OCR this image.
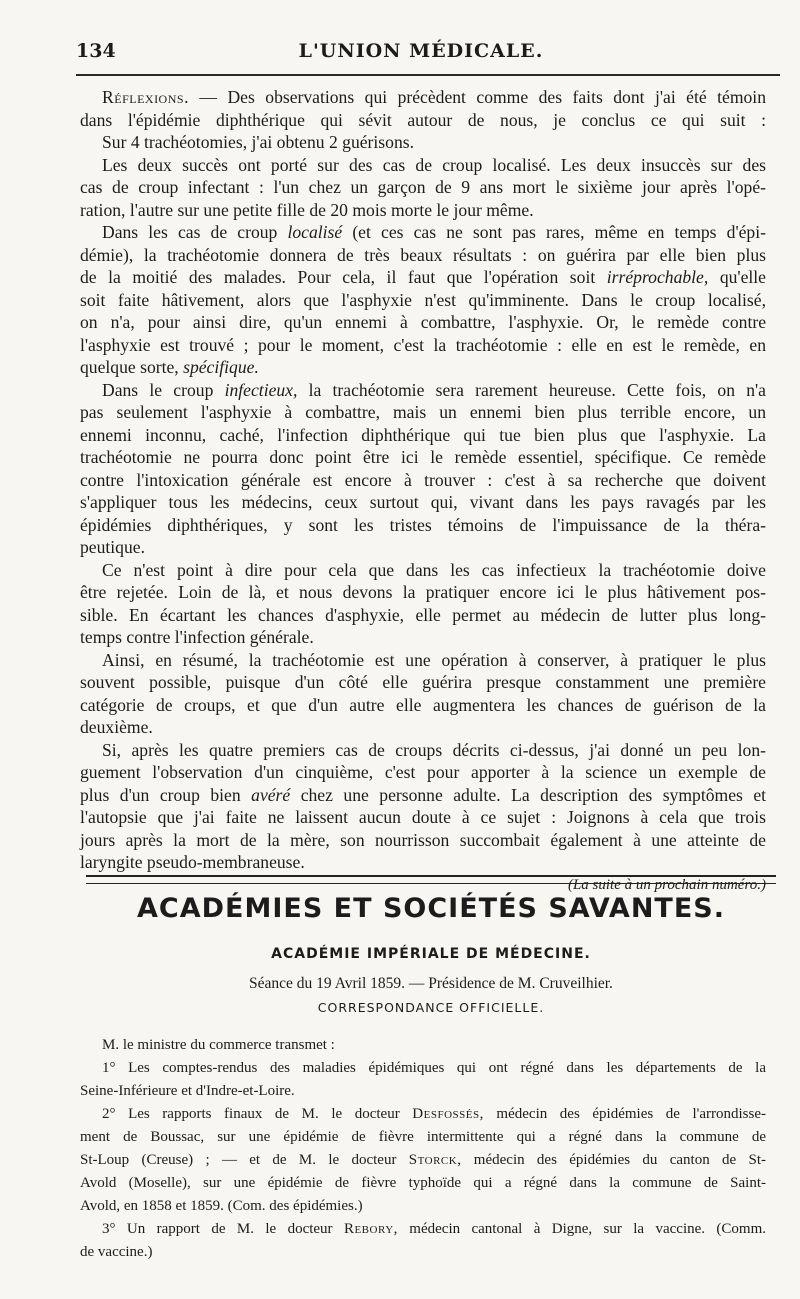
134	L'UNION MÉDICALE.
Réflexions. — Des observations qui précèdent comme des faits dont j'ai été témoin
dans l'épidémie diphthérique qui sévit autour de nous, je conclus ce qui suit :
Sur 4 trachéotomies, j'ai obtenu 2 guérisons.
Les deux succès ont porté sur des cas de croup localisé. Les deux insuccès sur des
cas de croup infectant : l'un chez un garçon de 9 ans mort le sixième jour après l'opé-
ration, l'autre sur une petite fille de 20 mois morte le jour même.
Dans les cas de croup localisé (et ces cas ne sont pas rares, même en temps d'épi-
démie), la trachéotomie donnera de très beaux résultats : on guérira par elle bien plus
de la moitié des malades. Pour cela, il faut que l'opération soit irréprochable, qu'elle
soit faite hâtivement, alors que l'asphyxie n'est qu'imminente. Dans le croup localisé,
on n'a, pour ainsi dire, qu'un ennemi à combattre, l'asphyxie. Or, le remède contre
l'asphyxie est trouvé ; pour le moment, c'est la trachéotomie : elle en est le remède, en
quelque sorte, spécifique.
Dans le croup infectieux, la trachéotomie sera rarement heureuse. Cette fois, on n'a
pas seulement l'asphyxie à combattre, mais un ennemi bien plus terrible encore, un
ennemi inconnu, caché, l'infection diphthérique qui tue bien plus que l'asphyxie. La
trachéotomie ne pourra donc point être ici le remède essentiel, spécifique. Ce remède
contre l'intoxication générale est encore à trouver : c'est à sa recherche que doivent
s'appliquer tous les médecins, ceux surtout qui, vivant dans les pays ravagés par les
épidémies diphthériques, y sont les tristes témoins de l'impuissance de la théra-
peutique.
Ce n'est point à dire pour cela que dans les cas infectieux la trachéotomie doive
être rejetée. Loin de là, et nous devons la pratiquer encore ici le plus hâtivement pos-
sible. En écartant les chances d'asphyxie, elle permet au médecin de lutter plus long-
temps contre l'infection générale.
Ainsi, en résumé, la trachéotomie est une opération à conserver, à pratiquer le plus
souvent possible, puisque d'un côté elle guérira presque constamment une première
catégorie de croups, et que d'un autre elle augmentera les chances de guérison de la
deuxième.
Si, après les quatre premiers cas de croups décrits ci-dessus, j'ai donné un peu lon-
guement l'observation d'un cinquième, c'est pour apporter à la science un exemple de
plus d'un croup bien avéré chez une personne adulte. La description des symptômes et
l'autopsie que j'ai faite ne laissent aucun doute à ce sujet : Joignons à cela que trois
jours après la mort de la mère, son nourrisson succombait également à une atteinte de
laryngite pseudo-membraneuse.
(La suite à un prochain numéro.)
ACADÉMIES ET SOCIÉTÉS SAVANTES.
ACADÉMIE IMPÉRIALE DE MÉDECINE.
Séance du 19 Avril 1859. — Présidence de M. Cruveilhier.
CORRESPONDANCE OFFICIELLE.
M. le ministre du commerce transmet :
1° Les comptes-rendus des maladies épidémiques qui ont régné dans les départements de la
Seine-Inférieure et d'Indre-et-Loire.
2° Les rapports finaux de M. le docteur Desfossés, médecin des épidémies de l'arrondisse-
ment de Boussac, sur une épidémie de fièvre intermittente qui a régné dans la commune de
St-Loup (Creuse) ; — et de M. le docteur Storck, médecin des épidémies du canton de St-
Avold (Moselle), sur une épidémie de fièvre typhoïde qui a régné dans la commune de Saint-
Avold, en 1858 et 1859. (Com. des épidémies.)
3° Un rapport de M. le docteur Rebory, médecin cantonal à Digne, sur la vaccine. (Comm.
de vaccine.)
